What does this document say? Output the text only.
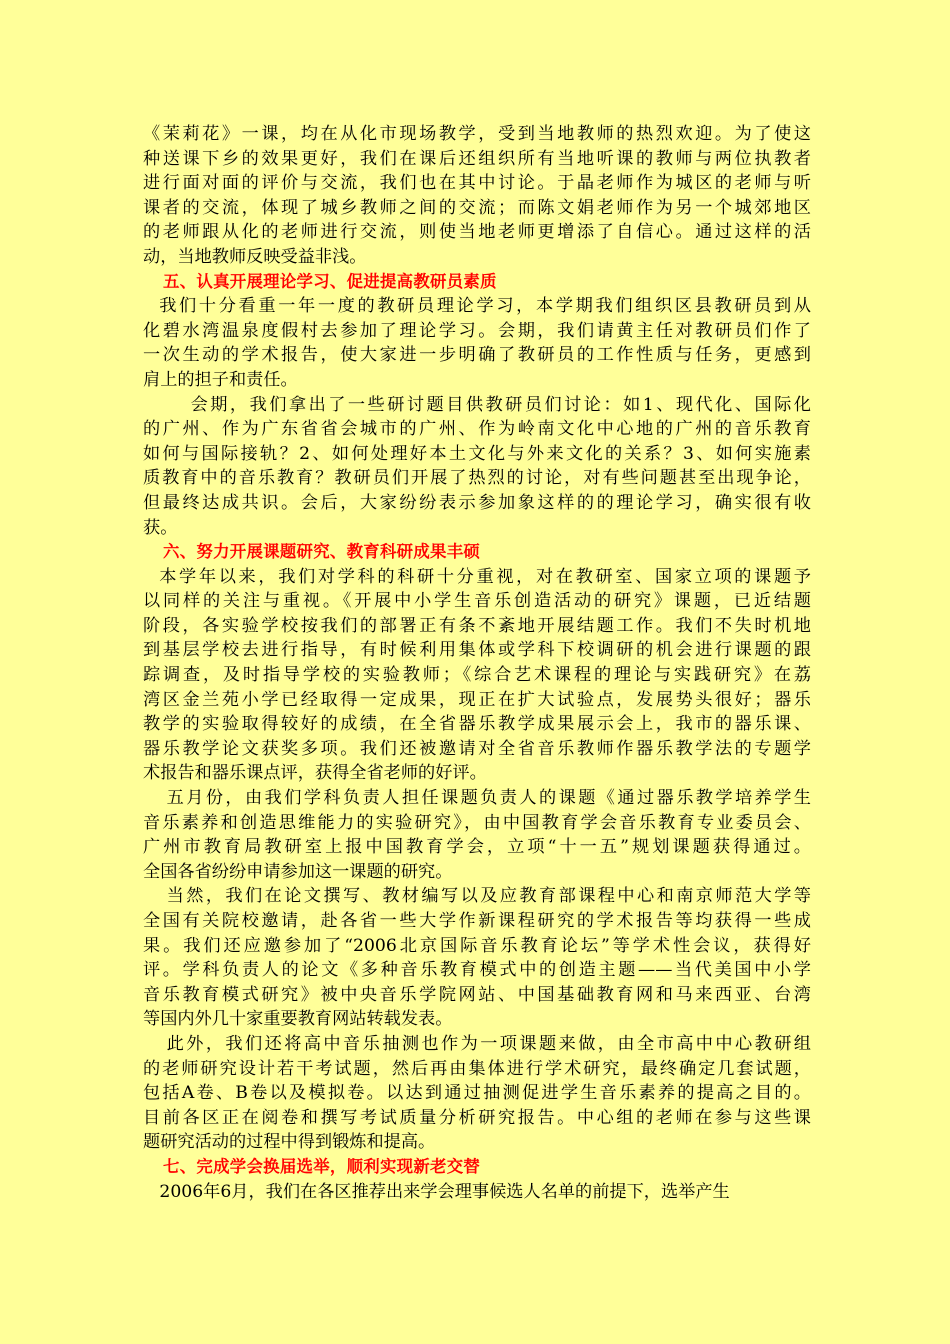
《茉莉花》一课，均在从化市现场教学，受到当地教师的热烈欢迎。为了使这
种送课下乡的效果更好，我们在课后还组织所有当地听课的教师与两位执教者
进行面对面的评价与交流，我们也在其中讨论。于晶老师作为城区的老师与听
课者的交流，体现了城乡教师之间的交流；而陈文娟老师作为另一个城郊地区
的老师跟从化的老师进行交流，则使当地老师更增添了自信心。通过这样的活
动，当地教师反映受益非浅。
五、认真开展理论学习、促进提高教研员素质
我们十分看重一年一度的教研员理论学习，本学期我们组织区县教研员到从
化碧水湾温泉度假村去参加了理论学习。会期，我们请黄主任对教研员们作了
一次生动的学术报告，使大家进一步明确了教研员的工作性质与任务，更感到
肩上的担子和责任。
会期，我们拿出了一些研讨题目供教研员们讨论：如1、现代化、国际化
的广州、作为广东省省会城市的广州、作为岭南文化中心地的广州的音乐教育
如何与国际接轨？2、如何处理好本土文化与外来文化的关系？3、如何实施素
质教育中的音乐教育？教研员们开展了热烈的讨论，对有些问题甚至出现争论，
但最终达成共识。会后，大家纷纷表示参加象这样的的理论学习，确实很有收
获。
六、努力开展课题研究、教育科研成果丰硕
本学年以来，我们对学科的科研十分重视，对在教研室、国家立项的课题予
以同样的关注与重视。《开展中小学生音乐创造活动的研究》课题，已近结题
阶段，各实验学校按我们的部署正有条不紊地开展结题工作。我们不失时机地
到基层学校去进行指导，有时候利用集体或学科下校调研的机会进行课题的跟
踪调查，及时指导学校的实验教师；《综合艺术课程的理论与实践研究》在荔
湾区金兰苑小学已经取得一定成果，现正在扩大试验点，发展势头很好；器乐
教学的实验取得较好的成绩，在全省器乐教学成果展示会上，我市的器乐课、
器乐教学论文获奖多项。我们还被邀请对全省音乐教师作器乐教学法的专题学
术报告和器乐课点评，获得全省老师的好评。
五月份，由我们学科负责人担任课题负责人的课题《通过器乐教学培养学生
音乐素养和创造思维能力的实验研究》，由中国教育学会音乐教育专业委员会、
广州市教育局教研室上报中国教育学会，立项“十一五”规划课题获得通过。
全国各省纷纷申请参加这一课题的研究。
当然，我们在论文撰写、教材编写以及应教育部课程中心和南京师范大学等
全国有关院校邀请，赴各省一些大学作新课程研究的学术报告等均获得一些成
果。我们还应邀参加了“2006北京国际音乐教育论坛”等学术性会议，获得好
评。学科负责人的论文《多种音乐教育模式中的创造主题——当代美国中小学
音乐教育模式研究》被中央音乐学院网站、中国基础教育网和马来西亚、台湾
等国内外几十家重要教育网站转载发表。
此外，我们还将高中音乐抽测也作为一项课题来做，由全市高中中心教研组
的老师研究设计若干考试题，然后再由集体进行学术研究，最终确定几套试题，
包括A卷、B卷以及模拟卷。以达到通过抽测促进学生音乐素养的提高之目的。
目前各区正在阅卷和撰写考试质量分析研究报告。中心组的老师在参与这些课
题研究活动的过程中得到锻炼和提高。
七、完成学会换届选举，顺利实现新老交替
2006年6月，我们在各区推荐出来学会理事候选人名单的前提下，选举产生
